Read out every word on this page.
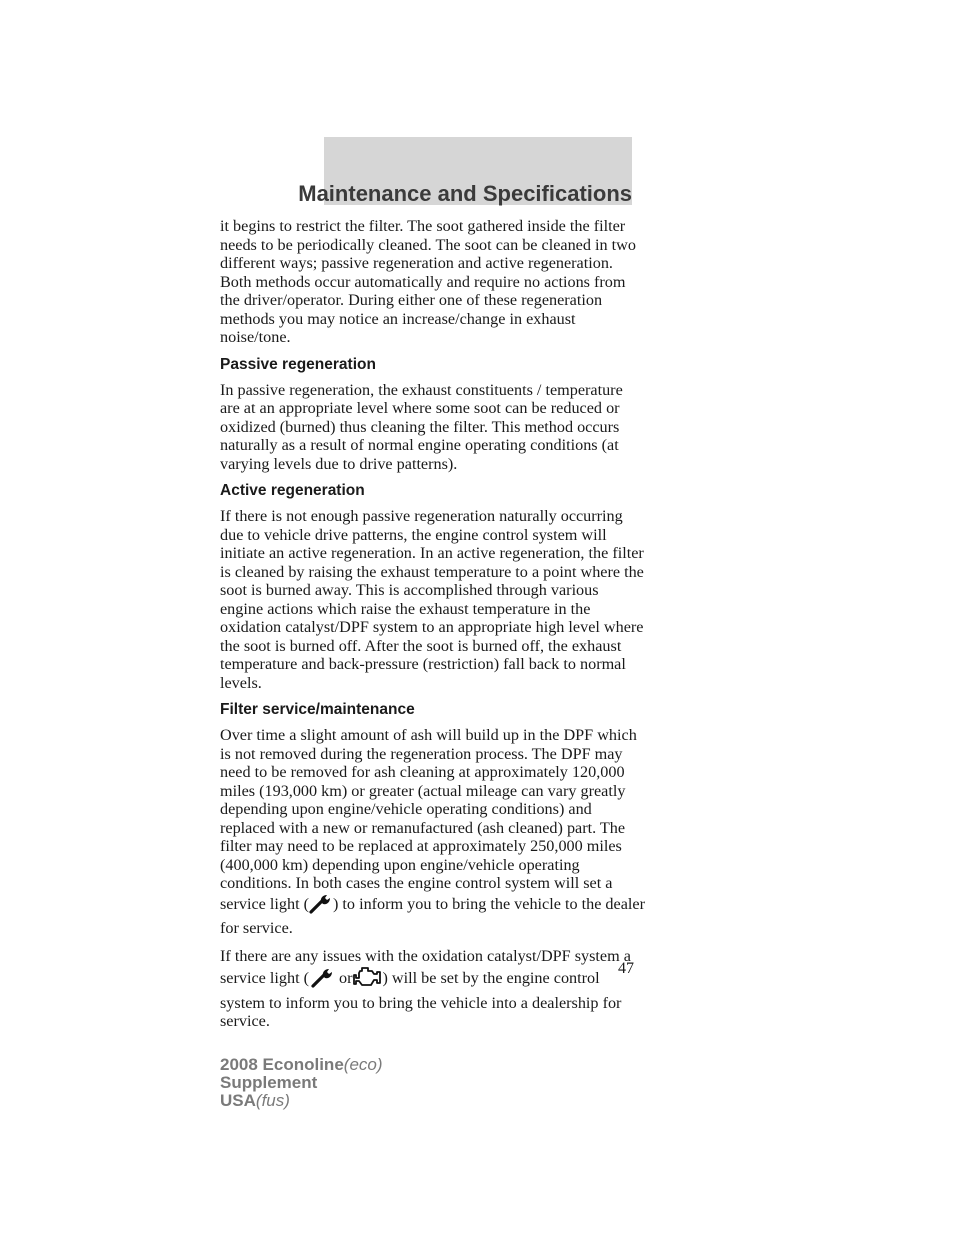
Maintenance and Specifications

it begins to restrict the filter. The soot gathered inside the filter needs to be periodically cleaned. The soot can be cleaned in two different ways; passive regeneration and active regeneration. Both methods occur automatically and require no actions from the driver/operator. During either one of these regeneration methods you may notice an increase/change in exhaust noise/tone.

Passive regeneration

In passive regeneration, the exhaust constituents / temperature are at an appropriate level where some soot can be reduced or oxidized (burned) thus cleaning the filter. This method occurs naturally as a result of normal engine operating conditions (at varying levels due to drive patterns).

Active regeneration

If there is not enough passive regeneration naturally occurring due to vehicle drive patterns, the engine control system will initiate an active regeneration. In an active regeneration, the filter is cleaned by raising the exhaust temperature to a point where the soot is burned away. This is accomplished through various engine actions which raise the exhaust temperature in the oxidation catalyst/DPF system to an appropriate high level where the soot is burned off. After the soot is burned off, the exhaust temperature and back-pressure (restriction) fall back to normal levels.

Filter service/maintenance

Over time a slight amount of ash will build up in the DPF which is not removed during the regeneration process. The DPF may need to be removed for ash cleaning at approximately 120,000 miles (193,000 km) or greater (actual mileage can vary greatly depending upon engine/vehicle operating conditions) and replaced with a new or remanufactured (ash cleaned) part. The filter may need to be replaced at approximately 250,000 miles (400,000 km) depending upon engine/vehicle operating conditions. In both cases the engine control system will set a service light ( ) to inform you to bring the vehicle to the dealer for service.

If there are any issues with the oxidation catalyst/DPF system a service light ( or ) will be set by the engine control system to inform you to bring the vehicle into a dealership for service.

47
2008 Econoline(eco)
Supplement
USA(fus)
